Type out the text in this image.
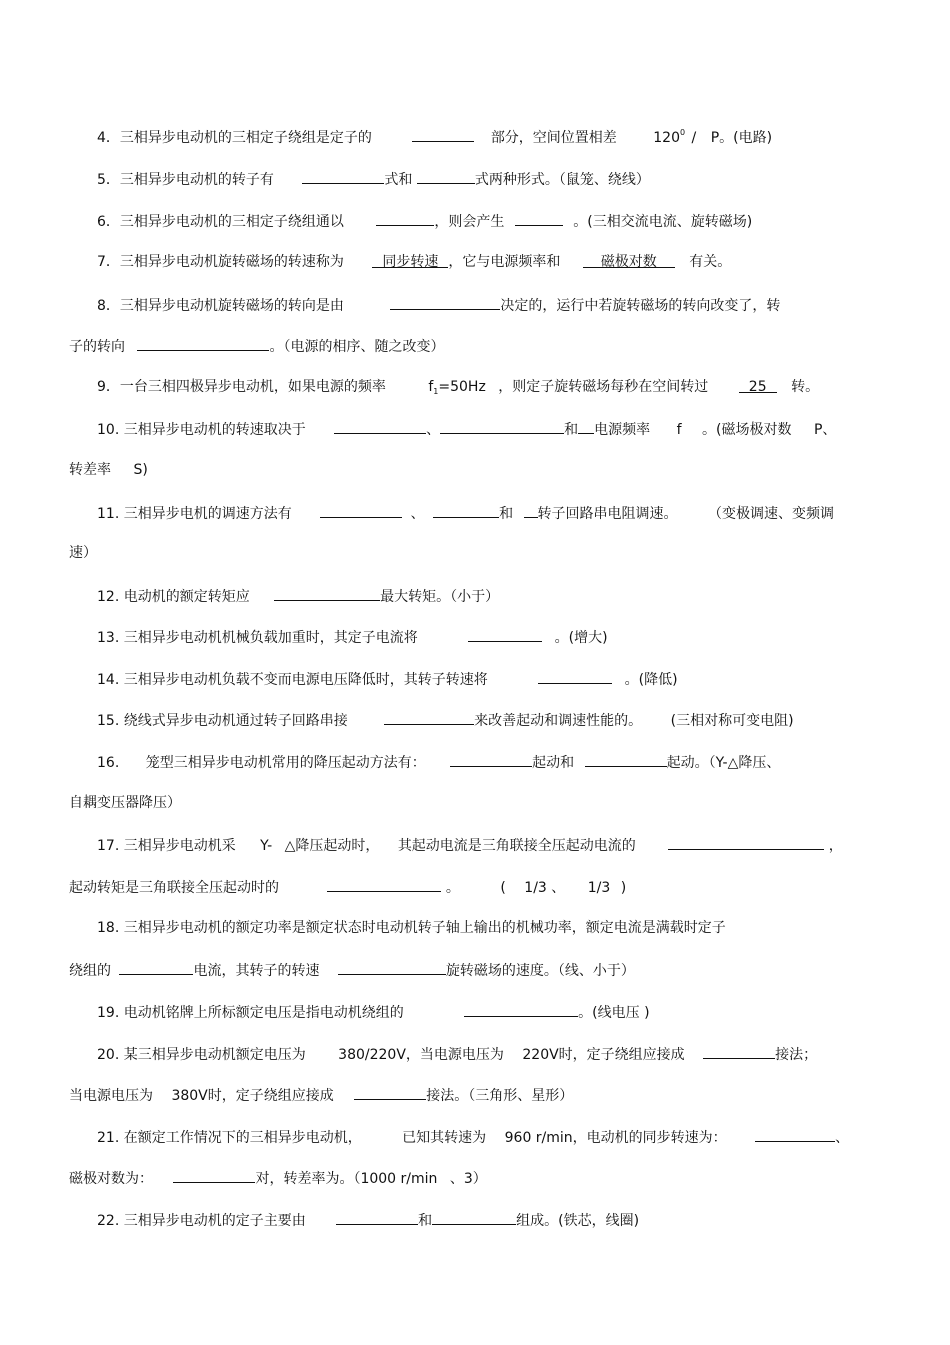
4．三相异步电动机的三相定子绕组是定子的	部分，空间位置相差	$120^0$ / P。(电路)
5．三相异步电动机的转子有	式和	式两种形式。（鼠笼、绕线）
6．三相异步电动机的三相定子绕组通以	，则会产生	。(三相交流电流、旋转磁场)
7．三相异步电动机旋转磁场的转速称为	同步转速 ，它与电源频率和	磁极对数 有关。
8．三相异步电动机旋转磁场的转向是由	决定的，运行中若旋转磁场的转向改变了，转
子的转向	。（电源的相序、随之改变）
9．一台三相四极异步电动机，如果电源的频率	$f_1=50Hz$ ，则定子旋转磁场每秒在空间转过	25 转。
10. 三相异步电动机的转速取决于	、	和 电源频率 f 。(磁场极对数 P、
转差率 S)
11. 三相异步电机的调速方法有	、	和 转子回路串电阻调速。 （变极调速、变频调
速）
12. 电动机的额定转矩应	最大转矩。（小于）
13. 三相异步电动机机械负载加重时，其定子电流将	。(增大)
14. 三相异步电动机负载不变而电源电压降低时，其转子转速将	。(降低)
15. 绕线式异步电动机通过转子回路串接	来改善起动和调速性能的。 (三相对称可变电阻)
16. 笼型三相异步电动机常用的降压起动方法有：	起动和	起动。（Y-△降压、
自耦变压器降压）
17. 三相异步电动机采 Y- △降压起动时， 其起动电流是三角联接全压起动电流的	，
起动转矩是三角联接全压起动时的	。	( 1/3 、 1/3 )
18. 三相异步电动机的额定功率是额定状态时电动机转子轴上输出的机械功率，额定电流是满载时定子
绕组的	电流，其转子的转速	旋转磁场的速度。（线、小于）
19. 电动机铭牌上所标额定电压是指电动机绕组的	。(线电压 )
20. 某三相异步电动机额定电压为 380/220V，当电源电压为 220V时，定子绕组应接成	接法；
当电源电压为 380V时，定子绕组应接成	接法。（三角形、星形）
21. 在额定工作情况下的三相异步电动机，	已知其转速为 960 r/min，电动机的同步转速为：	、
磁极对数为：	对，转差率为。（1000 r/min 、3）
22. 三相异步电动机的定子主要由	和	组成。(铁芯，线圈)
